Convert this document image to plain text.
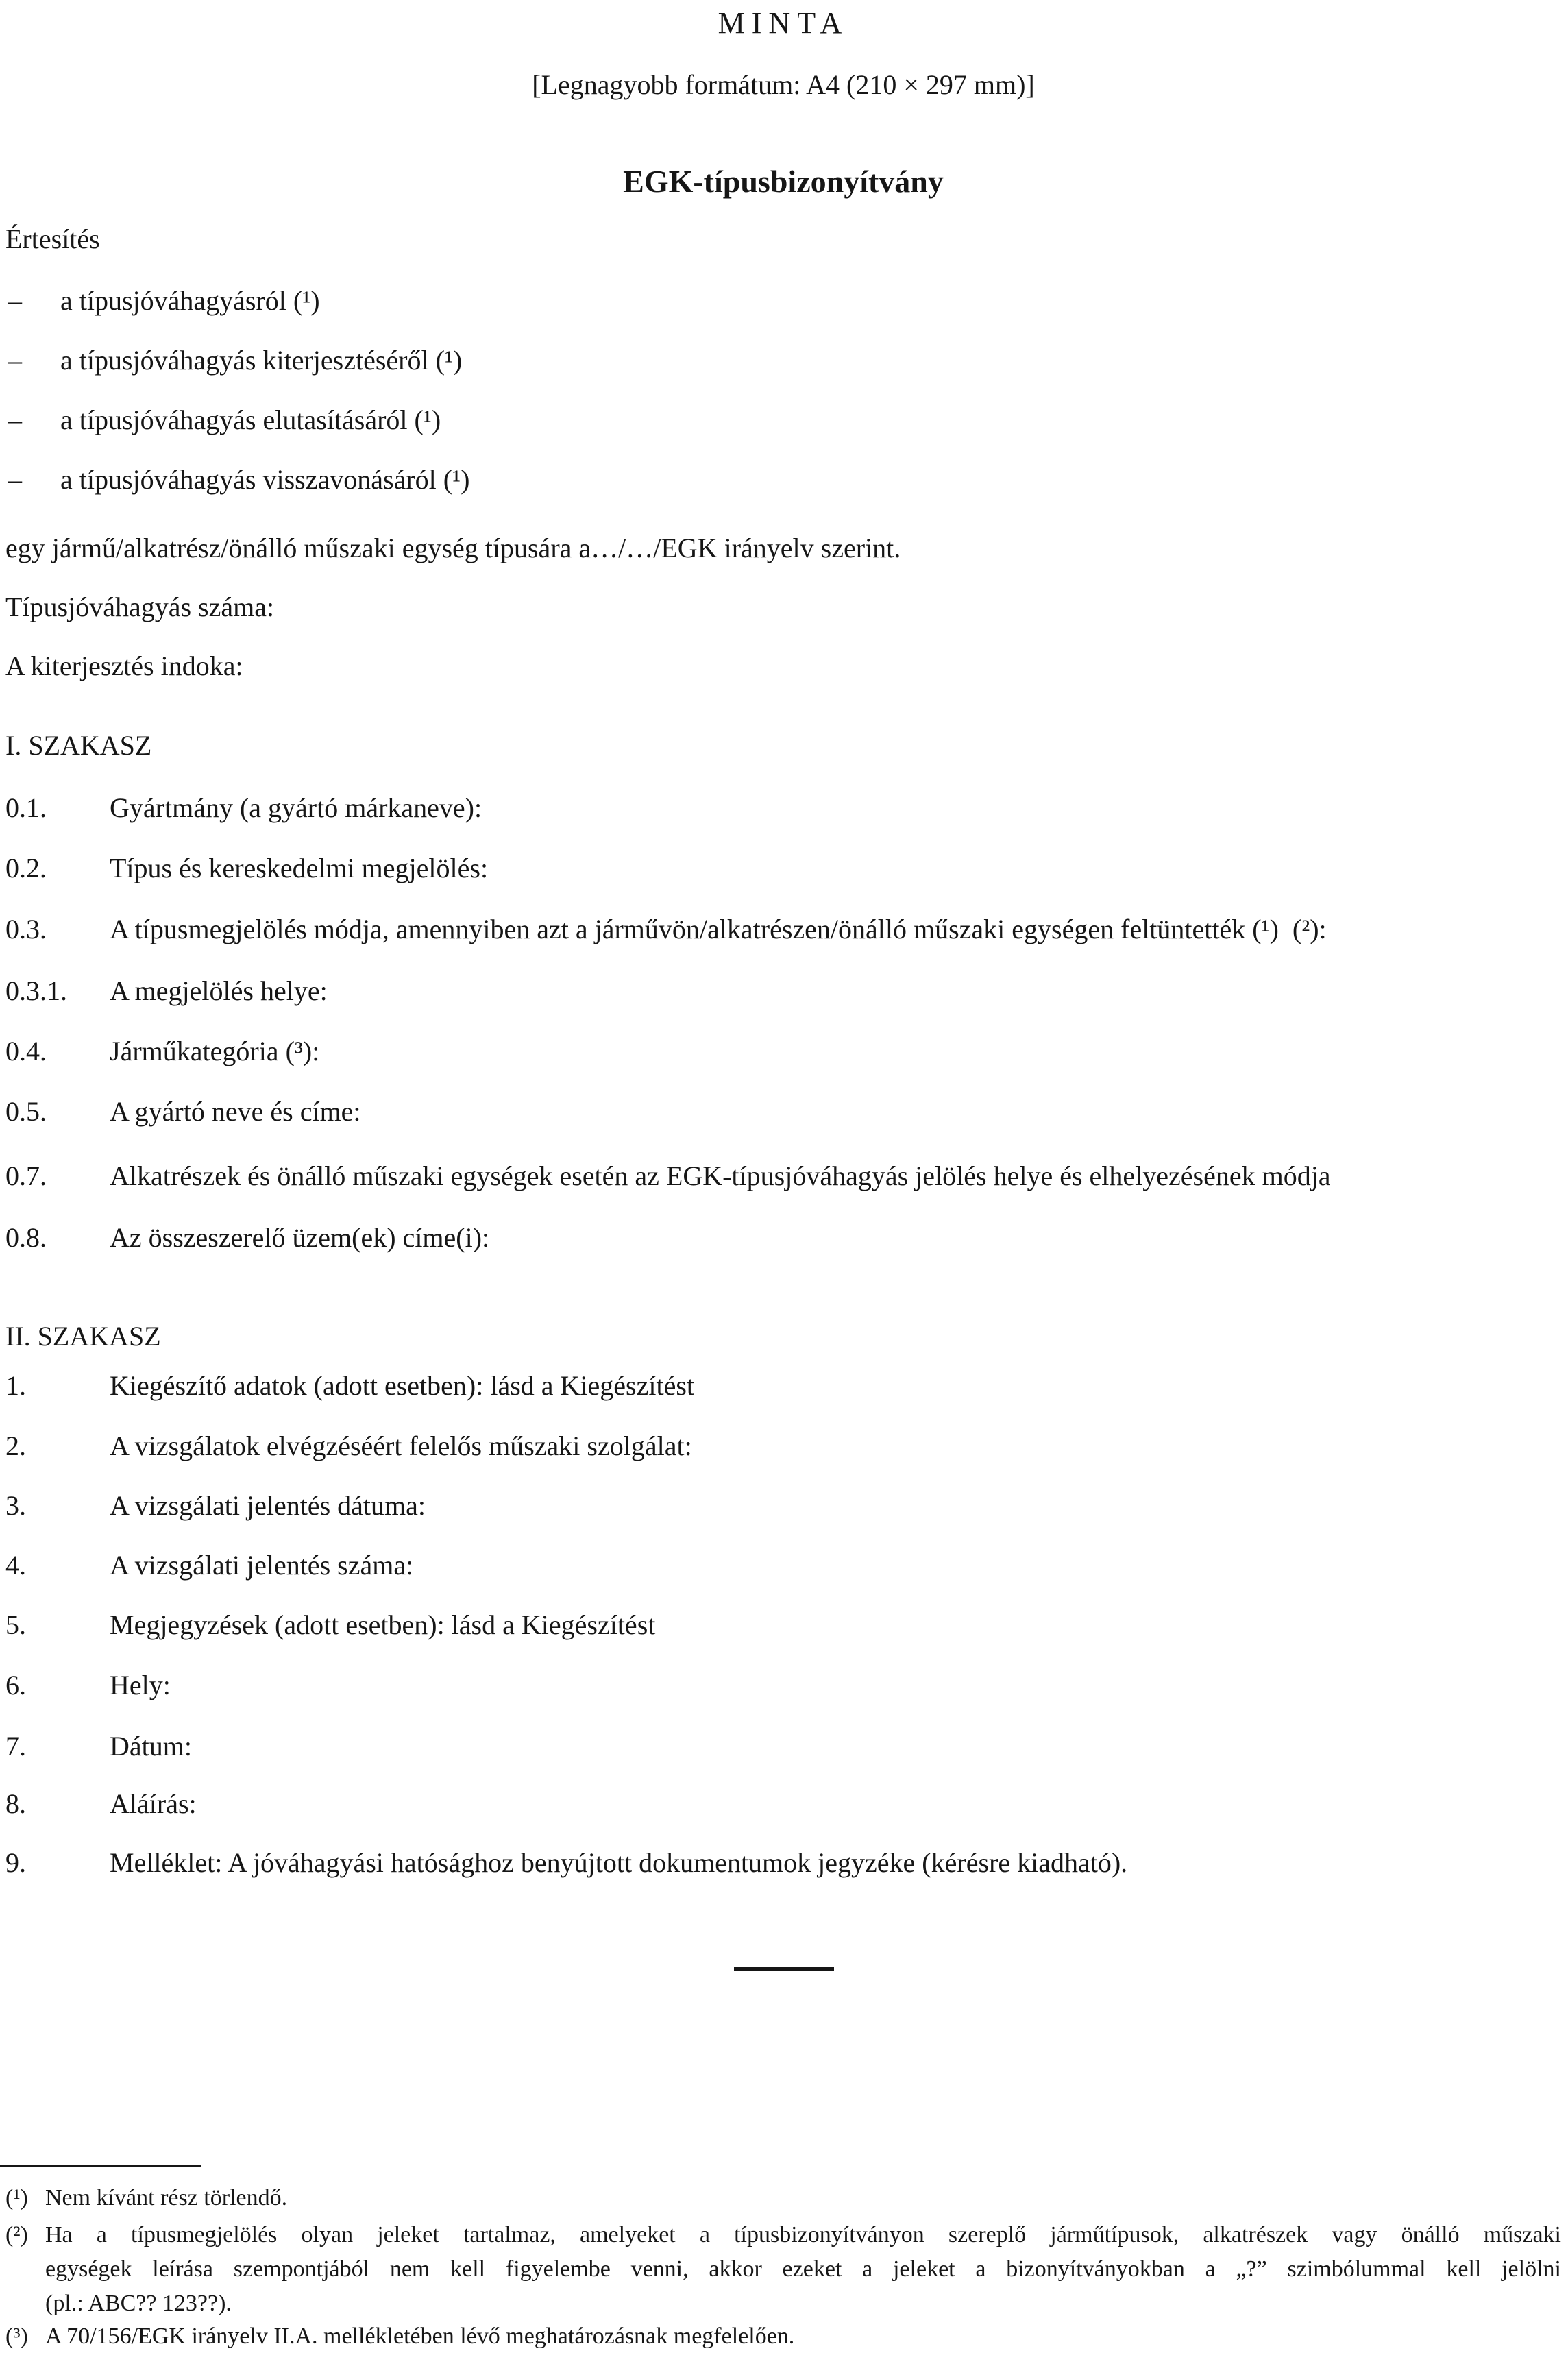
MINTA
[Legnagyobb formátum: A4 (210 × 297 mm)]
EGK-típusbizonyítvány
Értesítés
– a típusjóváhagyásról (¹)
– a típusjóváhagyás kiterjesztéséről (¹)
– a típusjóváhagyás elutasításáról (¹)
– a típusjóváhagyás visszavonásáról (¹)
egy jármű/alkatrész/önálló műszaki egység típusára a…/…/EGK irányelv szerint.
Típusjóváhagyás száma:
A kiterjesztés indoka:
I. SZAKASZ
0.1. Gyártmány (a gyártó márkaneve):
0.2. Típus és kereskedelmi megjelölés:
0.3. A típusmegjelölés módja, amennyiben azt a járművön/alkatrészen/önálló műszaki egységen feltüntették (¹) (²):
0.3.1. A megjelölés helye:
0.4. Járműkategória (³):
0.5. A gyártó neve és címe:
0.7. Alkatrészek és önálló műszaki egységek esetén az EGK-típusjóváhagyás jelölés helye és elhelyezésének módja
0.8. Az összeszerelő üzem(ek) címe(i):
II. SZAKASZ
1.	Kiegészítő adatok (adott esetben): lásd a Kiegészítést
2.	A vizsgálatok elvégzéséért felelős műszaki szolgálat:
3.	A vizsgálati jelentés dátuma:
4.	A vizsgálati jelentés száma:
5.	Megjegyzések (adott esetben): lásd a Kiegészítést
6.	Hely:
7.	Dátum:
8.	Aláírás:
9.	Melléklet: A jóváhagyási hatósághoz benyújtott dokumentumok jegyzéke (kérésre kiadható).
(¹) Nem kívánt rész törlendő.
(²) Ha a típusmegjelölés olyan jeleket tartalmaz, amelyeket a típusbizonyítványon szereplő járműtípusok, alkatrészek vagy önálló műszaki
egységek leírása szempontjából nem kell figyelembe venni, akkor ezeket a jeleket a bizonyítványokban a „?” szimbólummal kell jelölni
(pl.: ABC?? 123??).
(³) A 70/156/EGK irányelv II.A. mellékletében lévő meghatározásnak megfelelően.
